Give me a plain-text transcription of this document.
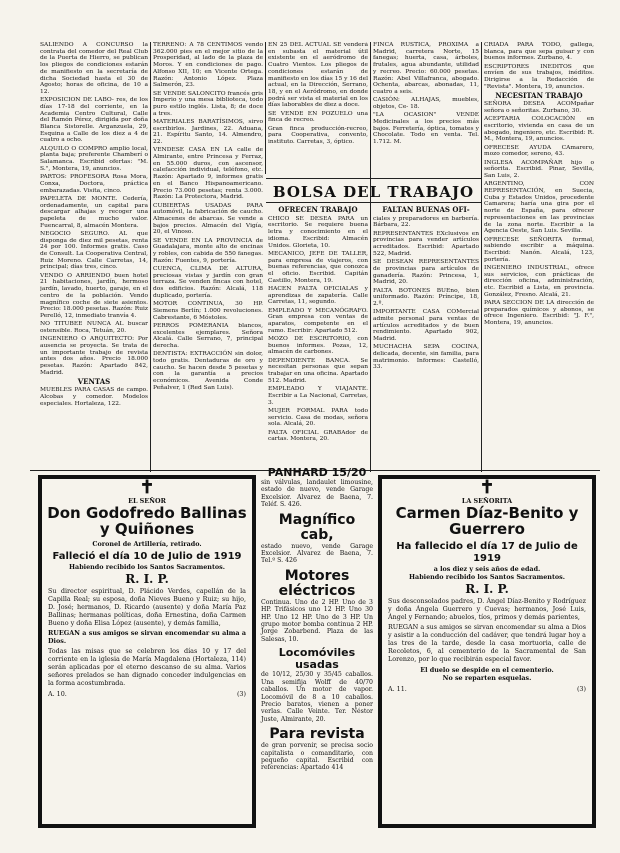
SALIENDO A CONCURSO la contrata del comedor del Real Club de la Puerta de Hierro, se publican los pliegos de condiciones estarán de manifiesto en la secretaría de dicha Sociedad hasta el 30 de Agosto; horas de oficina, de 10 a 12.

EXPOSICION DE LABO- res, de los días 17-18 del corriente, en la Academia Centro Cultural, Calle del Ramón Pérez, dirigida por doña Blanca Sistorelle. Arganzuela, 29, Esquina a Calle de los diez a 4 de cuatro a ocho.

ALQUILO O COMPRO amplio local, planta baja; preferente Chamberí o Salamanca. Escribid ofertas: "M. S.", Montera, 19, anuncios.

PARTOS: PROFESORA Rosa Mora, Conxa, Doctora, práctica embarazadas. Visita, cinco.

PAPELETA DE MONTE. Cedería, ordenadamente, un capital para descargar alhajas y recoger una papeleta de mucho valor. Fuencarral, 8, almacén Montera.

NEGOCIO SEGURO. AL que disponga de diez mil pesetas, renta 24 por 100. Informes gratis. Caso de Consult. La Cooperativa Central, Ruiz Moreno. Calle Carretas, 14, principal; días tres, cinco.

VENDO O ARRIENDO buen hotel 21 habitaciones, jardín, hermoso jardín, lavado, huerto, garaje, en el centro de la población. Vendo magnífico coche de siete asientos. Precio: 18.000 pesetas. Razón: Ruiz Perelló, 12, inmediato tranvía 4.

NO TITUBEE NUNCA AL buscar ostensible. Roca, Tetuán, 20.

INGENIERO O ARQUITECTO: Por ausencia se proyecta. Se trata de un importante trabajo de revista antes dos años. Precio 18.000 pesetas. Razón: Apartado 842, Madrid.

VENTAS

MUEBLES PARA CASAS de campo. Alcobas y comedor. Modelos especiales. Hortaleza, 122.

TERRENO: A 78 CENTIMOS vendo 362.000 pies en el mejor sitio de la Prosperidad, al lado de la plaza de Moros. Y en condiciones de pago. Alfonso XII, 10; en Vicente Ortega. Razón: Antonio López. Plaza Salmerón, 23.

SE VENDE SALONCITO francés gris Imperio y una mesa biblioteca, todo puro estilo inglés. Lista, 8; de doce a tres.

MATERIALES BARATÍSIMOS, sirvo escribirlos. Jardines, 22. Aduana, 21. Espíritu Santo, 14. Almendro, 22.

VENDESE CASA EN LA calle de Almirante, entre Princesa y Ferraz, en 55.000 duros, con ascensor, calefacción individual, teléfono, etc. Razón: Apartado 9, informes gratis en el Banco Hispanoamericano. Precio 73.000 pesetas; renta 3.000. Razón: La Protectora, Madrid.

CUBIERTAS USADAS PARA automóvil, la fabricación de caucho. Almacenes de abarcas. Se vende a bajos precios. Almacén del Vigía, 20, el Vinoso.

SE VENDE EN LA PROVINCIA de Guadalajara, monte alto de encinas y robles, con cabida de 550 fanegas. Razón: Fuentes, 9, portería.

CUENCA, CLIMA DE ALTURA, preciosas vistas y jardín con gran terraza. Se venden fincas con hotel, dos edificios. Razón: Alcalá, 118 duplicado, portería.

MOTOR CONTINUA, 30 HP. Siemens Berlín; 1.000 revoluciones. Cabrestante, 6 Móstoles.

PERROS POMERANIA blancos, excelentes ejemplares. Señora Alcalá. Calle Serrano, 7, principal derecha.

DENTISTA: EXTRACCIÓN sin dolor, todo gratis. Dentaduras de oro y caucho. Se hacen desde 5 pesetas y con la garantía a precios económicos. Avenida Conde Peñalver, 1 (Red San Luis).

EN 25 DEL ACTUAL SE venderá en subasta el material útil existente en el aeródromo de Cuatro Vientos. Los pliegos de condiciones estarán de manifiesto en los días 15 y 16 del actual, en la Dirección, Serrano, 18, y en el Aeródromo, en donde podrá ser vista el material en los días laborables de diez a doce.

SE VENDE EN POZUELO una finca de recreo.

Gran finca producción-recreo, para Cooperativa, convento, instituto. Carretas, 3, óptico.

FINCA RUSTICA, PROXIMA a Madrid, carretera Norte, 15 fanegas; huerta, casa, árboles, frutales, agua abundante, utilidad y recreo. Precio: 60.000 pesetas. Razón: Abel Villafranca, abogado. Ochenta, abarcas, abonadas, 11, cuatro a seis.

CASIÓN: ALHAJAS, muebles, objetos, Ce- 18.

"LA OCASION" VENDE Medicinales a los precios más bajos. Ferretería, óptica, tomates y Chocolate. Todo en venta. Tel. 1.712. M.

BOLSA DEL TRABAJO
OFRECEN TRABAJO

CHICO SE DESEA PARA un escritorio. Se requiere buena letra y conocimiento en el idioma. Escribid: Almacén Unidos. Glorieta, 10.

MECANICO, JEFE DE TALLER, para empresa de viajeros, con buenas referencias, que conozca el oficio. Escribid. Capitán Castillo, Montera, 19.

HACEN FALTA OFICIALAS y aprendizas de zapatería. Calle Carretas, 11, segundo.

EMPLEADO Y MECANÓGRAFO. Gran empresa con ventas de aparatos, competente en el ramo. Escribir: Apartado 512.

MOZO DE ESCRITORIO, con buenos informes. Pozas, 12, almacén de carbones.

DEPENDIENTE BANCA. Se necesitan personas que sepan trabajar en una oficina. Apartado 512. Madrid.

EMPLEADO Y VIAJANTE. Escribir a La Nacional, Carretas, 3.

MUJER FORMAL PARA todo servicio. Casa de modas, señora sola. Alcalá, 20.

FALTA OFICIAL GRABAdor de cartas. Montera, 20.

FALTAN BUENAS OFI-

ciales y preparadores en barbería. Bárbara, 22.

REPRESENTANTES EXclusivos en provincias para vender artículos acreditados. Escribid: Apartado 522, Madrid.

SE DESEAN REPRESENTANTES de provincias para artículos de ganadería. Razón: Princesa, 1, Madrid, 20.

FALTA BOTONES BUEno, bien uniformado. Razón: Príncipe, 18, 2.º.

IMPORTANTE CASA COMercial admite personal para ventas de artículos acreditados y de buen rendimiento. Apartado 902, Madrid.

MUCHACHA SEPA COCINA, delicada, decente, sin familia, para matrimonio. Informes: Castelló, 33.

CRIADA PARA TODO, gallega, blanca, para que sepa guisar y con buenos informes. Zurbano, 4.

ESCRIPTORES INEDITOS que envíen de sus trabajos, inéditos. Dirigirse a la Redacción de "Revista". Montera, 19, anuncios.

NECESITAN TRABAJO

SEÑORA DESEA ACOMpañar señora o señoritas. Zurbano, 30.

ACEPTARIA COLOCACIÓN en escritorio, vivienda en casa de un abogado, ingeniero, etc. Escribid: R. M., Montera, 19, anuncios.

OFRECESE AYUDA CAmarero, mozo comedor, sereno, 43.

INGLESA ACOMPAÑAR hijo o señorita. Escribid. Pinar, Sevilla, San Luis, 2.

ARGENTINO, CON REPRESENTACIÓN, en Suecia, Cuba y Estados Unidos, procedente Camarera; haría una gira por el norte de España, para ofrecer representaciones en las provincias de la zona norte. Escribir a la Agencia Oeste, San Luis. Sevilla.

OFRECESE SEÑORITA formal, sabiendo escribir a máquina. Escribid: Nanón. Alcalá, 123, portería.

INGENIERO INDUSTRIAL, ofrece sus servicios, con prácticas de dirección oficina, administración, etc. Escribid a Lista, en provincia. González, Fresno. Alcalá, 21.

PARA SECCION DE LA dirección de preparados químicos y abonos, se ofrece Ingeniero. Escribid: "J. F.", Montera, 19, anuncios.

✝
EL SEÑOR
Don Godofredo Ballinas y Quiñones
Coronel de Artillería, retirado.
Falleció el día 10 de Julio de 1919
Habiendo recibido los Santos Sacramentos.
R. I. P.
Su director espiritual, D. Plácido Verdes, capellán de la Capilla Real; su esposa, doña Nieves Bueno y Ruiz; su hijo, D. José; hermanos, D. Ricardo (ausente) y doña María Paz Ballinas; hermanas políticas, doña Ernestina, doña Carmen Bueno y doña Elisa López (ausente), y demás familia,
RUEGAN a sus amigos se sirvan encomendar su alma a Dios.
Todas las misas que se celebren los días 10 y 17 del corriente en la iglesia de María Magdalena (Hortaleza, 114) serán aplicadas por el eterno descanso de su alma. Varios señores prelados se han dignado conceder indulgencias en la forma acostumbrada.
A. 10.	(3)
PANHARD 15/20

sin válvulas, landaulet limousine, estado de nuevo, vende Garage Excelsior. Alvarez de Baena, 7. Teléf. S. 426.

Magnífico cab,

estado nuevo, vende Garage Excelsior. Alvarez de Baena, 7. Tel.º S. 426

Motores eléctricos

Continua. Uno de 2 HP. Uno de 3 HP. Trifásicos uno 12 HP. Uno 30 HP. Uno 12 HP. Uno de 3 HP. Un grupo motor bomba continua 2 HP. Jorge Zobarbend. Plaza de las Salesas, 10.

Locomóviles usadas

de 10/12, 25/30 y 35/45 caballos. Una semifija Wolff de 40/70 caballos. Un motor de vapor. Locomóvil de 8 a 10 caballos. Precio baratos, vienen a poner verlas. Calle Veinte. Ter. Néstor Juste, Almirante, 20.

Para revista

de gran porvenir, se precisa socio capitalista o comanditario, con pequeño capital. Escribid con referencias: Apartado 414

✝
LA SEÑORITA
Carmen Díaz-Benito y Guerrero
Ha fallecido el día 17 de Julio de 1919
a los diez y seis años de edad.
Habiendo recibido los Santos Sacramentos.
R. I. P.
Sus desconsolados padres, D. Ángel Díaz-Benito y Rodríguez y doña Ángela Guerrero y Cuevas; hermanos, José Luis, Ángel y Fernando; abuelos, tíos, primos y demás parientes,
RUEGAN a sus amigos se sirvan encomendar su alma a Dios y asistir a la conducción del cadáver, que tendrá lugar hoy a las tres de la tarde, desde la casa mortuoria, calle de Recoletos, 6, al cementerio de la Sacramental de San Lorenzo, por lo que recibirán especial favor.
El duelo se despide en el cementerio.
No se reparten esquelas.
A. 11.	(3)
